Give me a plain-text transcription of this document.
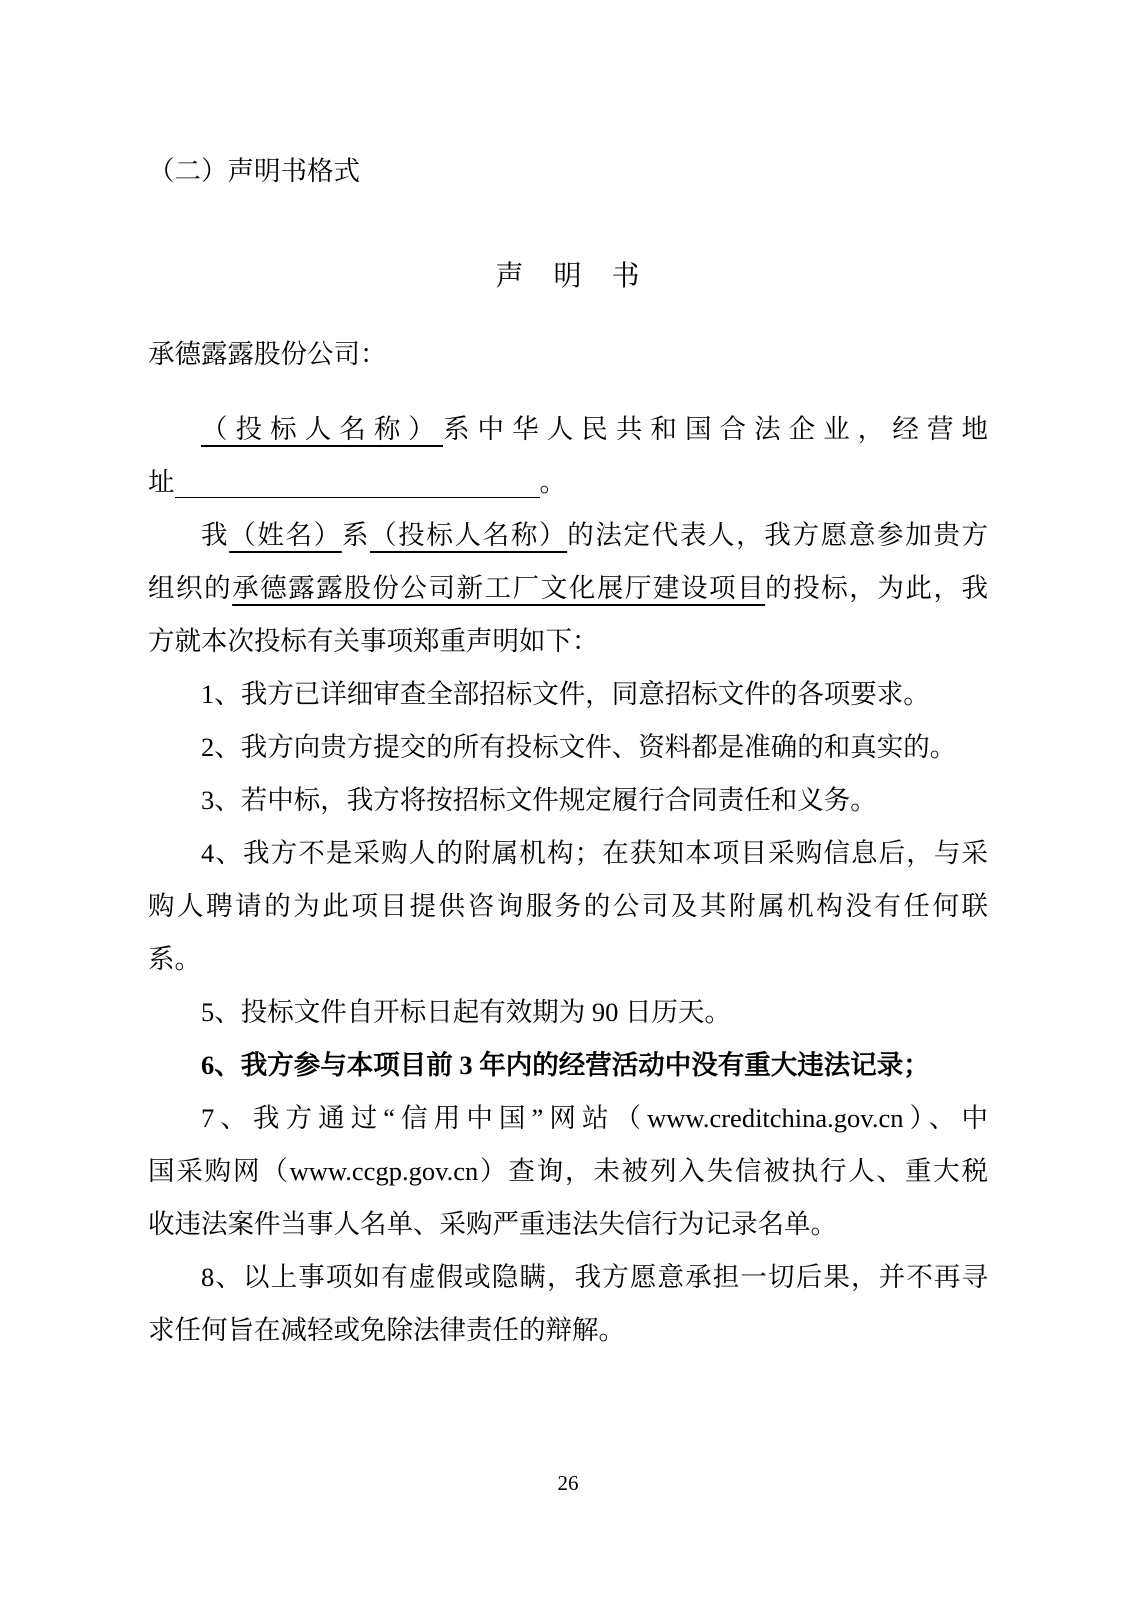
（二）声明书格式
声　明　书
承德露露股份公司：
（投标人名称）系中华人民共和国合法企业，经营地
址	。
我（姓名）系（投标人名称）的法定代表人，我方愿意参加贵方
组织的承德露露股份公司新工厂文化展厅建设项目的投标，为此，我
方就本次投标有关事项郑重声明如下：
1、我方已详细审查全部招标文件，同意招标文件的各项要求。
2、我方向贵方提交的所有投标文件、资料都是准确的和真实的。
3、若中标，我方将按招标文件规定履行合同责任和义务。
4、我方不是采购人的附属机构；在获知本项目采购信息后，与采
购人聘请的为此项目提供咨询服务的公司及其附属机构没有任何联
系。
5、投标文件自开标日起有效期为 90 日历天。
6、我方参与本项目前 3 年内的经营活动中没有重大违法记录；
7、我方通过“信用中国”网站（www.creditchina.gov.cn）、中
国采购网（www.ccgp.gov.cn）查询，未被列入失信被执行人、重大税
收违法案件当事人名单、采购严重违法失信行为记录名单。
8、以上事项如有虚假或隐瞒，我方愿意承担一切后果，并不再寻
求任何旨在减轻或免除法律责任的辩解。
26
